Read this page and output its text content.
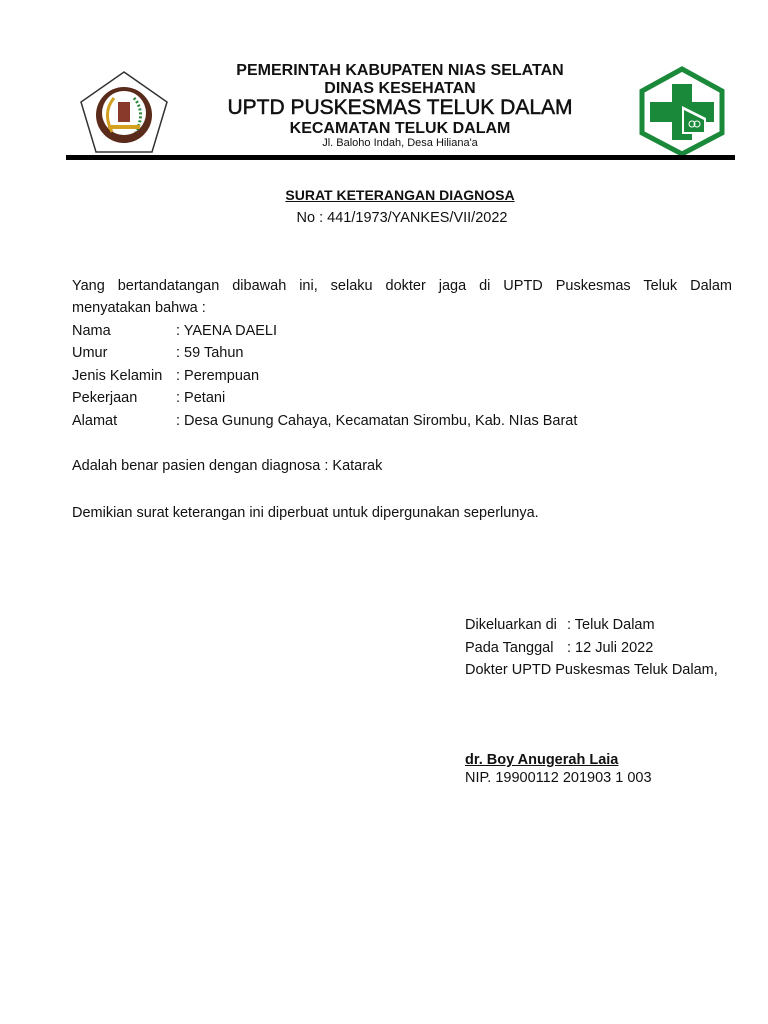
PEMERINTAH KABUPATEN NIAS SELATAN
DINAS KESEHATAN
UPTD PUSKESMAS TELUK DALAM
KECAMATAN TELUK DALAM
Jl. Baloho Indah, Desa Hiliana'a
SURAT KETERANGAN DIAGNOSA
No : 441/1973/YANKES/VII/2022
Yang bertandatangan dibawah ini, selaku dokter jaga di UPTD Puskesmas Teluk Dalam
menyatakan bahwa :
Nama	: YAENA DAELI
Umur	: 59 Tahun
Jenis Kelamin : Perempuan
Pekerjaan	: Petani
Alamat	: Desa Gunung Cahaya, Kecamatan Sirombu, Kab. NIas Barat
Adalah benar pasien dengan diagnosa : Katarak
Demikian surat keterangan ini diperbuat untuk dipergunakan seperlunya.
Dikeluarkan di : Teluk Dalam
Pada Tanggal : 12 Juli 2022
Dokter UPTD Puskesmas Teluk Dalam,
dr. Boy Anugerah Laia
NIP. 19900112 201903 1 003
